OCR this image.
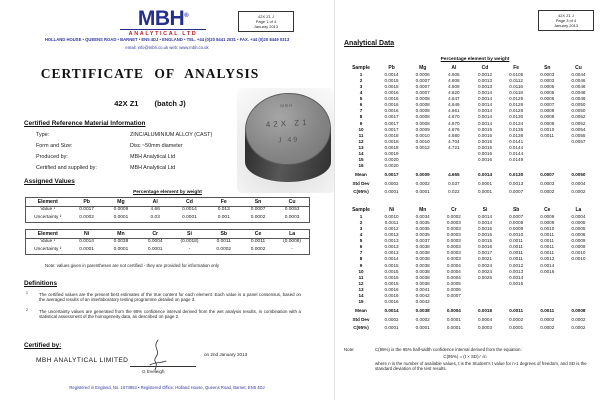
MBH®
ANALYTICAL LTD
42X Z1 J
Page 1 of 4
January 2013
HOLLAND HOUSE • QUEENS ROAD • BARNET • EN5 4DJ • ENGLAND • TEL. +44 (0)20 8441 2031 • FAX. +44 (0)20 8449 0313
email: info@mbh.co.uk web: www.mbh.co.uk
CERTIFICATE OF ANALYSIS
42X Z1 (batch J)
Certified Reference Material Information
Type:	ZINC/ALUMINIUM ALLOY (CAST)
Form and Size:	Disc ~50mm diameter
Produced by:	MBH Analytical Ltd
Certified and supplied by:	MBH Analytical Ltd
MBH
42X Z1
J 49
Assigned Values
Percentage element by weight
Element	Pb	Mg	Al	Cd	Fe	Sn	Cu
Value ¹	0.0017	0.0009	4.66	0.0014	0.013	0.0007	0.0053
Uncertainty ²	0.0002	0.0001	0.03	0.0001	0.001	0.0002	0.0003
Element	Ni	Mn	Cr	Si	Sb	Ce	La
Value ¹	0.0014	0.0038	0.0004	(0.0018)	0.0011	0.0011	(0.0008)
Uncertainty ²	0.0001	0.0001	0.0001	-	0.0002	0.0002	-
Note: values given in parentheses are not certified - they are provided for information only
Definitions
1	The certified values are the present best estimates of the true content for each element. Each value is a panel consensus, based on the averaged results of an interlaboratory testing programme detailed on page 3.
2	The uncertainty values are generated from the 95% confidence interval derived from the wet analysis results, in combination with a statistical assessment of the homogeneity data, as described on page 2.
Certified by:
MBH ANALYTICAL LIMITED
on 2nd January 2013
G Eveleigh
Registered in England, No. 1673853 • Registered Office: Holland House, Queens Road, Barnet, EN5 4DJ
42X Z1 J
Page 3 of 4
January 2013
Analytical Data
Percentage element by weight
Sample	Pb	Mg	Al	Cd	Fe	Sn	Cu
1	0.0014	0.0006	4.605	0.0012	0.0105	0.0003	0.0044
2	0.0015	0.0007	4.608	0.0013	0.0112	0.0003	0.0046
3	0.0015	0.0007	4.609	0.0013	0.0116	0.0005	0.0046
4	0.0016	0.0007	4.620	0.0014	0.0118	0.0005	0.0048
5	0.0016	0.0008	4.647	0.0014	0.0125	0.0006	0.0049
6	0.0016	0.0008	4.649	0.0014	0.0126	0.0007	0.0050
7	0.0016	0.0008	4.661	0.0014	0.0126	0.0008	0.0050
8	0.0017	0.0008	4.670	0.0014	0.0130	0.0008	0.0052
9	0.0017	0.0008	4.670	0.0014	0.0134	0.0009	0.0052
10	0.0017	0.0009	4.676	0.0015	0.0135	0.0010	0.0054
11	0.0018	0.0010	4.680	0.0015	0.0138	0.0011	0.0055
12	0.0018	0.0010	4.704	0.0015	0.0141		0.0057
13	0.0018	0.0012	4.721	0.0015	0.0144		
14	0.0019			0.0016	0.0144		
15	0.0020			0.0016	0.0149		
16	0.0020						
Mean	0.0017	0.0009	4.655	0.0014	0.0130	0.0007	0.0050
Std Dev	0.0002	0.0002	0.037	0.0001	0.0013	0.0003	0.0004
C(95%)	0.0001	0.0001	0.022	0.0001	0.0007	0.0002	0.0002
Sample	Ni	Mn	Cr	Si	Sb	Ce	La
1	0.0010	0.0034	0.0002	0.0014	0.0007	0.0009	0.0004
2	0.0011	0.0035	0.0003	0.0014	0.0008	0.0009	0.0005
3	0.0012	0.0035	0.0003	0.0015	0.0009	0.0010	0.0005
4	0.0013	0.0035	0.0003	0.0015	0.0010	0.0011	0.0006
5	0.0013	0.0037	0.0003	0.0015	0.0011	0.0011	0.0009
6	0.0013	0.0038	0.0003	0.0016	0.0011	0.0011	0.0009
7	0.0013	0.0038	0.0003	0.0017	0.0011	0.0011	0.0010
8	0.0014	0.0038	0.0003	0.0021	0.0011	0.0012	0.0010
9	0.0015	0.0038	0.0004	0.0024	0.0012	0.0014	
10	0.0015	0.0038	0.0004	0.0024	0.0013	0.0016	
11	0.0015	0.0038	0.0004	0.0025	0.0014		
12	0.0015	0.0038	0.0005		0.0015		
13	0.0016	0.0041	0.0006				
14	0.0016	0.0042	0.0007				
15	0.0016	0.0042					
Mean	0.0014	0.0038	0.0004	0.0018	0.0011	0.0011	0.0008
Std Dev	0.0002	0.0002	0.0001	0.0004	0.0002	0.0002	0.0002
C(95%)	0.0001	0.0001	0.0001	0.0003	0.0001	0.0002	0.0002
Note:	C(95%) is the 95% half-width confidence interval derived from the equation:
C(95%) = (t × SD) ∕ √n
where n is the number of available values, t is the Student's t value for n-1 degrees of freedom, and SD is the standard deviation of the test results.
